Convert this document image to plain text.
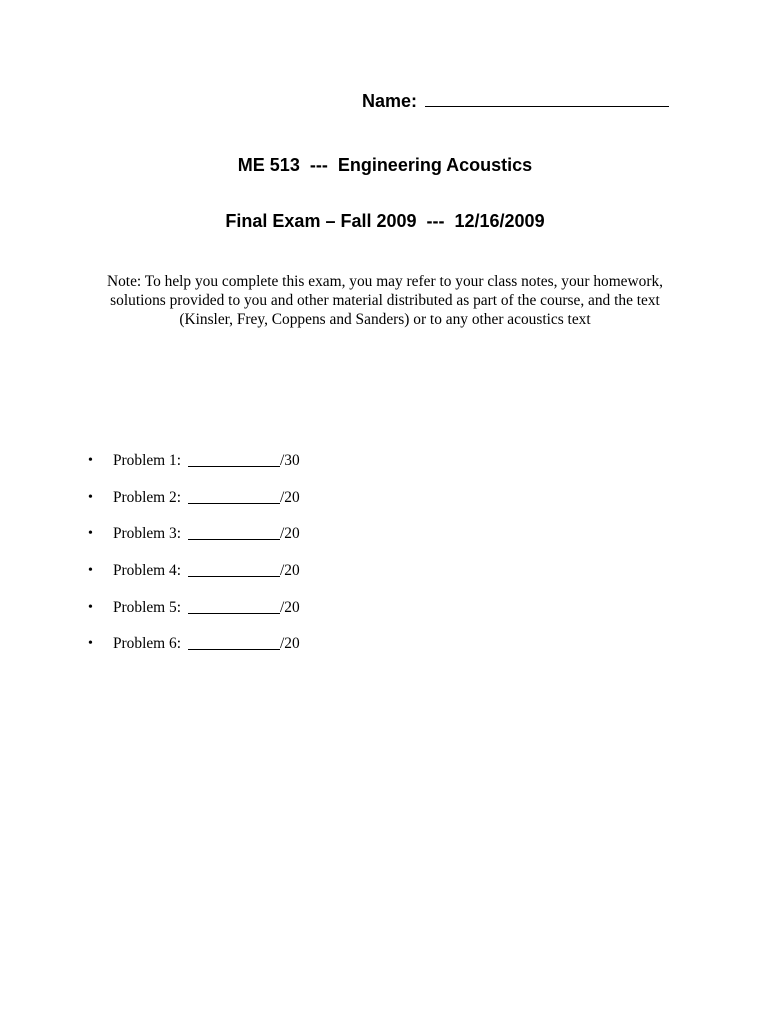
Name:
ME 513  ---  Engineering Acoustics
Final Exam – Fall 2009  ---  12/16/2009
Note: To help you complete this exam, you may refer to your class notes, your homework,
solutions provided to you and other material distributed as part of the course, and the text
(Kinsler, Frey, Coppens and Sanders) or to any other acoustics text
•	Problem 1:	/30
•	Problem 2:	/20
•	Problem 3:	/20
•	Problem 4:	/20
•	Problem 5:	/20
•	Problem 6:	/20
